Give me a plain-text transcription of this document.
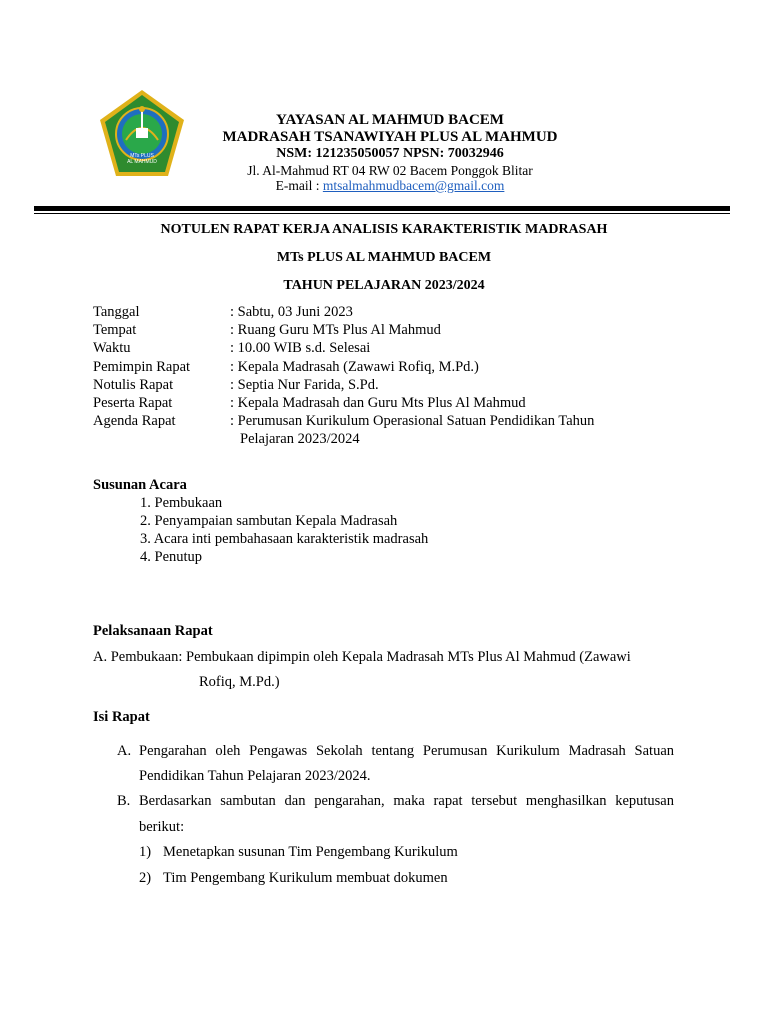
MTs PLUS
AL MAHMUD
YAYASAN AL MAHMUD BACEM
MADRASAH TSANAWIYAH PLUS AL MAHMUD
NSM: 121235050057 NPSN: 70032946
Jl. Al-Mahmud RT 04 RW 02 Bacem Ponggok Blitar
E-mail : mtsalmahmudbacem@gmail.com
NOTULEN RAPAT KERJA ANALISIS KARAKTERISTIK MADRASAH
MTs PLUS AL MAHMUD BACEM
TAHUN PELAJARAN 2023/2024
Tanggal	: Sabtu, 03 Juni 2023
Tempat	: Ruang Guru MTs Plus Al Mahmud
Waktu	: 10.00 WIB s.d. Selesai
Pemimpin Rapat	: Kepala Madrasah (Zawawi Rofiq, M.Pd.)
Notulis Rapat	: Septia Nur Farida, S.Pd.
Peserta Rapat	: Kepala Madrasah dan Guru Mts Plus Al Mahmud
Agenda Rapat	: Perumusan Kurikulum Operasional Satuan Pendidikan Tahun
Pelajaran 2023/2024
Susunan Acara
1. Pembukaan
2. Penyampaian sambutan Kepala Madrasah
3. Acara inti pembahasaan karakteristik madrasah
4. Penutup
Pelaksanaan Rapat
A. Pembukaan: Pembukaan dipimpin oleh Kepala Madrasah MTs Plus Al Mahmud (Zawawi
Rofiq, M.Pd.)
Isi Rapat
A. Pengarahan oleh Pengawas Sekolah tentang Perumusan Kurikulum Madrasah Satuan
Pendidikan Tahun Pelajaran 2023/2024.
B. Berdasarkan sambutan dan pengarahan, maka rapat tersebut menghasilkan keputusan
berikut:
1) Menetapkan susunan Tim Pengembang Kurikulum
2) Tim Pengembang Kurikulum membuat dokumen
